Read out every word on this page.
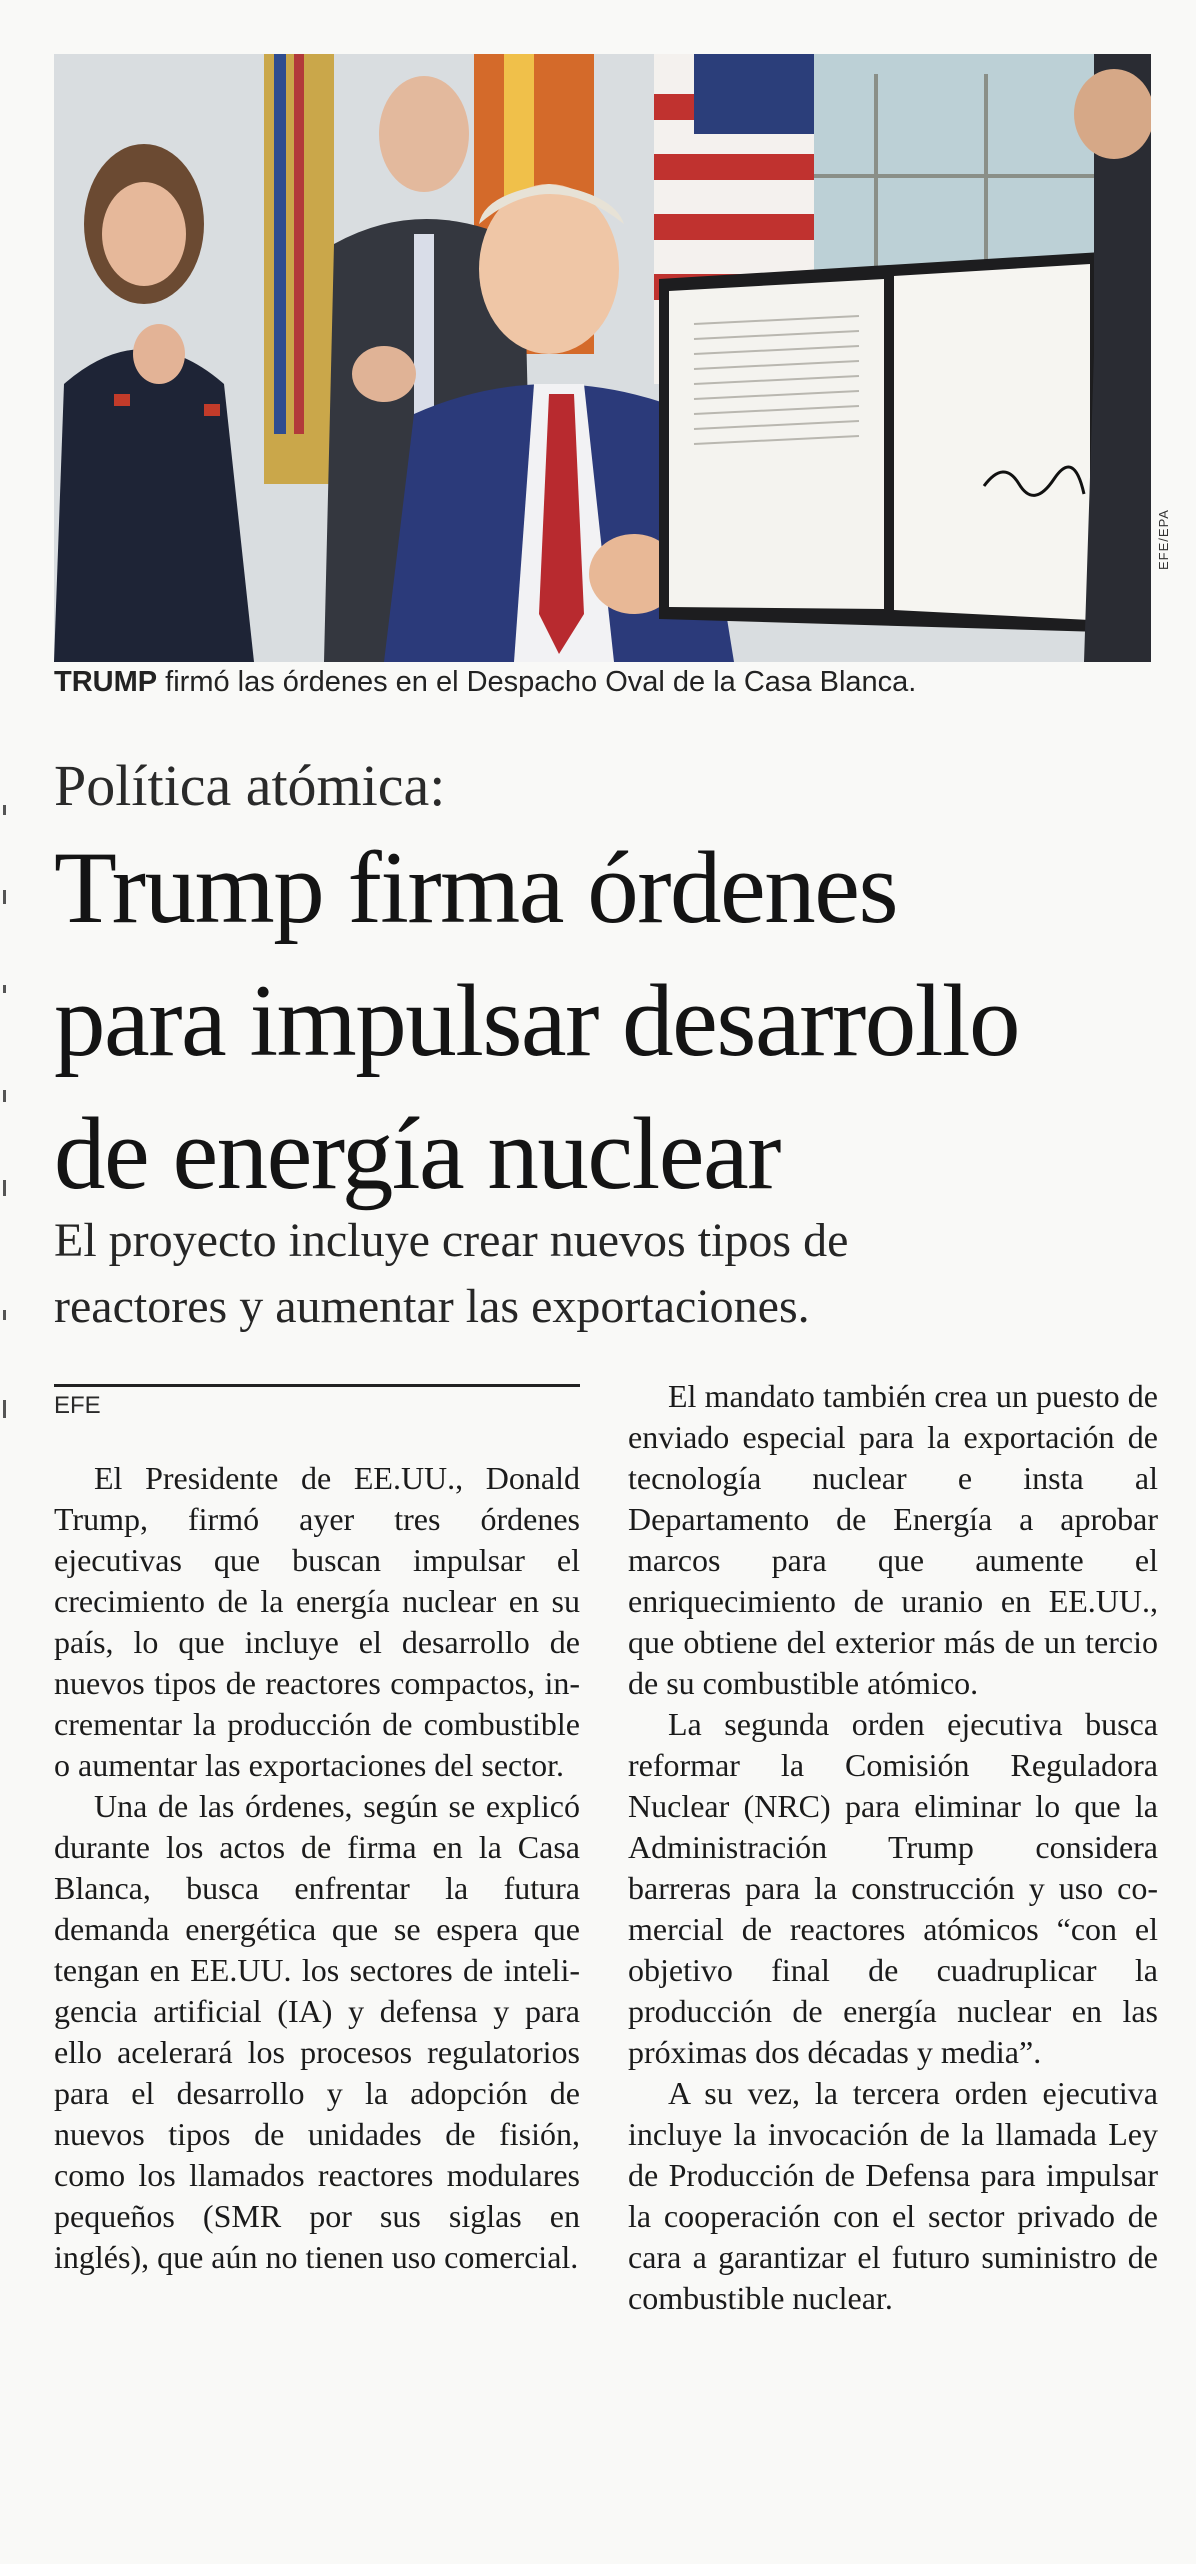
EFE/EPA
TRUMP firmó las órdenes en el Despacho Oval de la Casa Blanca.
Política atómica:
Trump firma órdenes
para impulsar desarrollo
de energía nuclear
El proyecto incluye crear nuevos tipos de
reactores y aumentar las exportaciones.
EFE

El Presidente de EE.UU., Donald Trump, firmó ayer tres órdenes ejecutivas que buscan impulsar el crecimiento de la energía nuclear en su país, lo que incluye el desarrollo de nuevos tipos de reactores compactos, incrementar la producción de combustible o aumentar las exportaciones del sector.

Una de las órdenes, según se explicó durante los actos de firma en la Casa Blanca, busca enfrentar la futura demanda energética que se espera que tengan en EE.UU. los sectores de inteligencia artificial (IA) y defensa y para ello acelerará los procesos regulatorios para el desarrollo y la adopción de nuevos tipos de unidades de fisión, como los llamados reactores modulares pequeños (SMR por sus siglas en inglés), que aún no tienen uso comercial.

El mandato también crea un puesto de enviado especial para la exportación de tecnología nuclear e insta al Departamento de Energía a aprobar marcos para que aumente el enriquecimiento de uranio en EE.UU., que obtiene del exterior más de un tercio de su combustible atómico.

La segunda orden ejecutiva busca reformar la Comisión Reguladora Nuclear (NRC) para eliminar lo que la Administración Trump considera barreras para la construcción y uso comercial de reactores atómicos “con el objetivo final de cuadruplicar la producción de energía nuclear en las próximas dos décadas y media”.

A su vez, la tercera orden ejecutiva incluye la invocación de la llamada Ley de Producción de Defensa para impulsar la cooperación con el sector privado de cara a garantizar el futuro suministro de combustible nuclear.
